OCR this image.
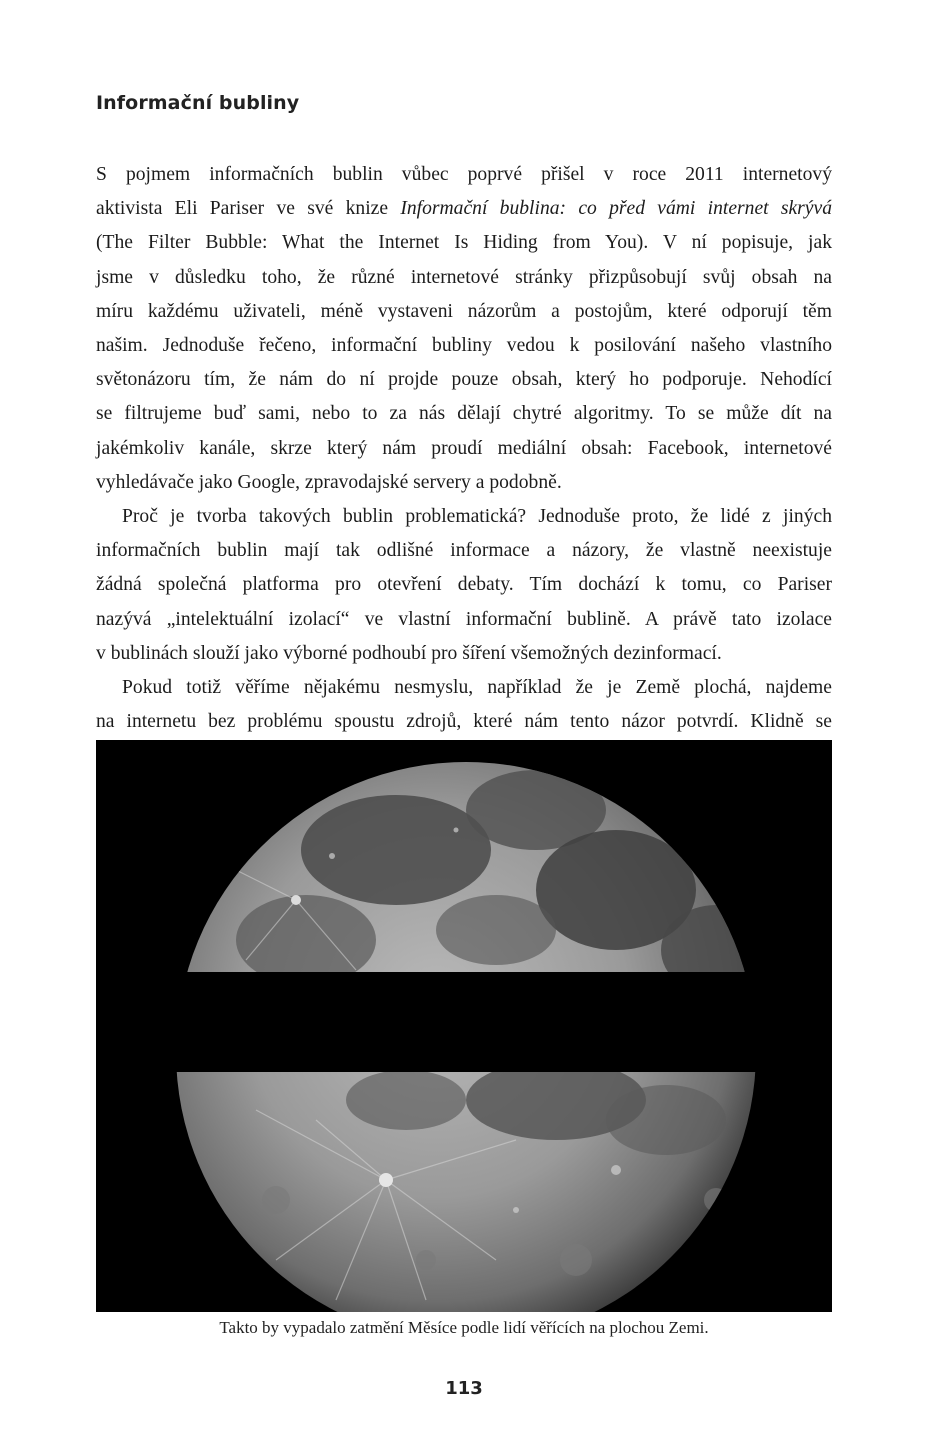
Informační bubliny

S pojmem informačních bublin vůbec poprvé přišel v roce 2011 internetový
aktivista Eli Pariser ve své knize Informační bublina: co před vámi internet skrývá
(The Filter Bubble: What the Internet Is Hiding from You). V ní popisuje, jak
jsme v důsledku toho, že různé internetové stránky přizpůsobují svůj obsah na
míru každému uživateli, méně vystaveni názorům a postojům, které odporují těm
našim. Jednoduše řečeno, informační bubliny vedou k posilování našeho vlastního
světonázoru tím, že nám do ní projde pouze obsah, který ho podporuje. Nehodící
se filtrujeme buď sami, nebo to za nás dělají chytré algoritmy. To se může dít na
jakémkoliv kanále, skrze který nám proudí mediální obsah: Facebook, internetové
vyhledávače jako Google, zpravodajské servery a podobně.

Proč je tvorba takových bublin problematická? Jednoduše proto, že lidé z jiných
informačních bublin mají tak odlišné informace a názory, že vlastně neexistuje
žádná společná platforma pro otevření debaty. Tím dochází k tomu, co Pariser
nazývá „intelektuální izolací“ ve vlastní informační bublině. A právě tato izolace
v bublinách slouží jako výborné podhoubí pro šíření všemožných dezinformací.

Pokud totiž věříme nějakému nesmyslu, například že je Země plochá, najdeme
na internetu bez problému spoustu zdrojů, které nám tento názor potvrdí. Klidně se

Takto by vypadalo zatmění Měsíce podle lidí věřících na plochou Zemi.

113
